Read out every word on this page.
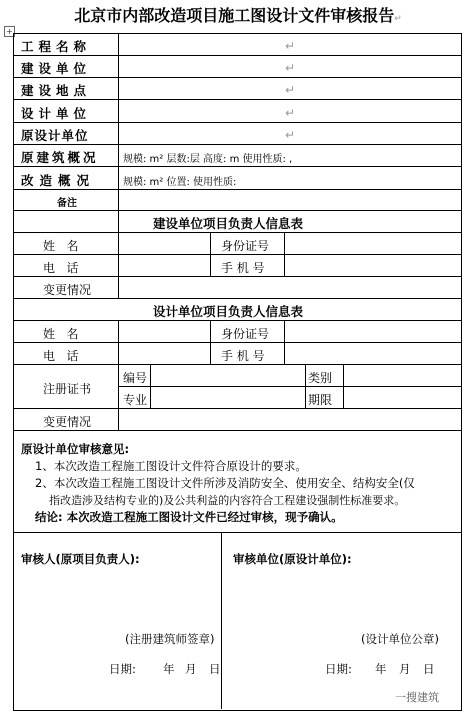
北京市内部改造项目施工图设计文件审核报告↵
+
工程名称	↵
建设单位	↵
建设地点	↵
设计单位	↵
原设计单位	↵
原建筑概况 规模: m² 层数:层 高度: m 使用性质: ,
改造概况	规模: m² 位置: 使用性质:
备注
建设单位项目负责人信息表
姓   名	身份证号
电   话	手 机 号
变更情况
设计单位项目负责人信息表
姓   名	身份证号
电   话	手 机 号
注册证书
编号	类别
专业	期限
变更情况
原设计单位审核意见:
1、本次改造工程施工图设计文件符合原设计的要求。
2、本次改造工程施工图设计文件所涉及消防安全、使用安全、结构安全(仅
指改造涉及结构专业的)及公共利益的内容符合工程建设强制性标准要求。
结论: 本次改造工程施工图设计文件已经过审核，现予确认。
审核人(原项目负责人):
(注册建筑师签章)
日期: 年 月 日
审核单位(原设计单位):
(设计单位公章)
日期: 年 月 日
一搜建筑
